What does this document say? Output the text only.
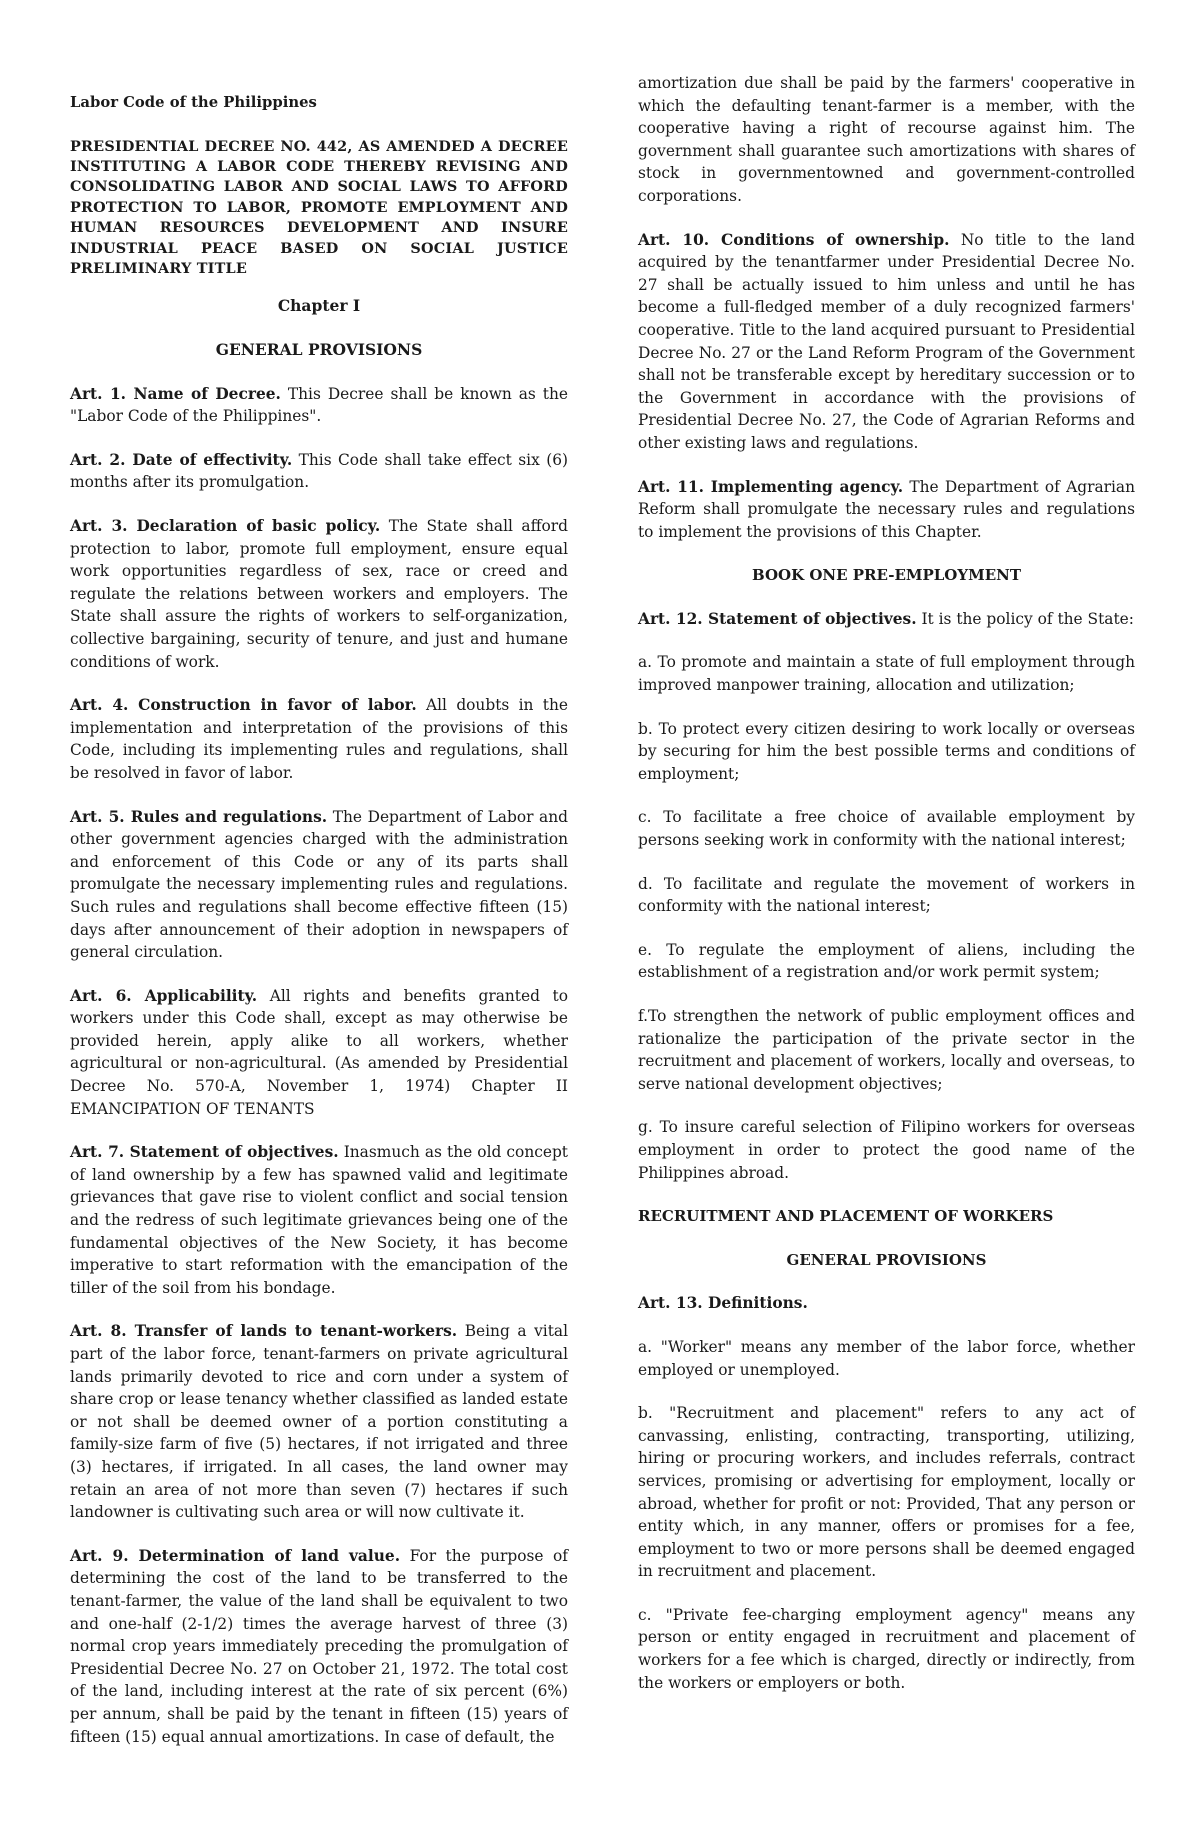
Labor Code of the Philippines
PRESIDENTIAL DECREE NO. 442, AS AMENDED A DECREE INSTITUTING A LABOR CODE THEREBY REVISING AND CONSOLIDATING LABOR AND SOCIAL LAWS TO AFFORD PROTECTION TO LABOR, PROMOTE EMPLOYMENT AND HUMAN RESOURCES DEVELOPMENT AND INSURE INDUSTRIAL PEACE BASED ON SOCIAL JUSTICE PRELIMINARY TITLE
Chapter I
GENERAL PROVISIONS

Art. 1. Name of Decree. This Decree shall be known as the "Labor Code of the Philippines".

Art. 2. Date of effectivity. This Code shall take effect six (6) months after its promulgation.

Art. 3. Declaration of basic policy. The State shall afford protection to labor, promote full employment, ensure equal work opportunities regardless of sex, race or creed and regulate the relations between workers and employers. The State shall assure the rights of workers to self-organization, collective bargaining, security of tenure, and just and humane conditions of work.

Art. 4. Construction in favor of labor. All doubts in the implementation and interpretation of the provisions of this Code, including its implementing rules and regulations, shall be resolved in favor of labor.

Art. 5. Rules and regulations. The Department of Labor and other government agencies charged with the administration and enforcement of this Code or any of its parts shall promulgate the necessary implementing rules and regulations. Such rules and regulations shall become effective fifteen (15) days after announcement of their adoption in newspapers of general circulation.

Art. 6. Applicability. All rights and benefits granted to workers under this Code shall, except as may otherwise be provided herein, apply alike to all workers, whether agricultural or non-agricultural. (As amended by Presidential Decree No. 570-A, November 1, 1974) Chapter II EMANCIPATION OF TENANTS

Art. 7. Statement of objectives. Inasmuch as the old concept of land ownership by a few has spawned valid and legitimate grievances that gave rise to violent conflict and social tension and the redress of such legitimate grievances being one of the fundamental objectives of the New Society, it has become imperative to start reformation with the emancipation of the tiller of the soil from his bondage.

Art. 8. Transfer of lands to tenant-workers. Being a vital part of the labor force, tenant-farmers on private agricultural lands primarily devoted to rice and corn under a system of share crop or lease tenancy whether classified as landed estate or not shall be deemed owner of a portion constituting a family-size farm of five (5) hectares, if not irrigated and three (3) hectares, if irrigated. In all cases, the land owner may retain an area of not more than seven (7) hectares if such landowner is cultivating such area or will now cultivate it.

Art. 9. Determination of land value. For the purpose of determining the cost of the land to be transferred to the tenant-farmer, the value of the land shall be equivalent to two and one-half (2-1/2) times the average harvest of three (3) normal crop years immediately preceding the promulgation of Presidential Decree No. 27 on October 21, 1972. The total cost of the land, including interest at the rate of six percent (6%) per annum, shall be paid by the tenant in fifteen (15) years of fifteen (15) equal annual amortizations. In case of default, the

amortization due shall be paid by the farmers' cooperative in which the defaulting tenant-farmer is a member, with the cooperative having a right of recourse against him. The government shall guarantee such amortizations with shares of stock in governmentowned and government-controlled corporations.

Art. 10. Conditions of ownership. No title to the land acquired by the tenantfarmer under Presidential Decree No. 27 shall be actually issued to him unless and until he has become a full-fledged member of a duly recognized farmers' cooperative. Title to the land acquired pursuant to Presidential Decree No. 27 or the Land Reform Program of the Government shall not be transferable except by hereditary succession or to the Government in accordance with the provisions of Presidential Decree No. 27, the Code of Agrarian Reforms and other existing laws and regulations.

Art. 11. Implementing agency. The Department of Agrarian Reform shall promulgate the necessary rules and regulations to implement the provisions of this Chapter.

BOOK ONE PRE-EMPLOYMENT

Art. 12. Statement of objectives. It is the policy of the State:

a. To promote and maintain a state of full employment through improved manpower training, allocation and utilization;

b. To protect every citizen desiring to work locally or overseas by securing for him the best possible terms and conditions of employment;

c. To facilitate a free choice of available employment by persons seeking work in conformity with the national interest;

d. To facilitate and regulate the movement of workers in conformity with the national interest;

e. To regulate the employment of aliens, including the establishment of a registration and/or work permit system;

f.To strengthen the network of public employment offices and rationalize the participation of the private sector in the recruitment and placement of workers, locally and overseas, to serve national development objectives;

g. To insure careful selection of Filipino workers for overseas employment in order to protect the good name of the Philippines abroad.

RECRUITMENT AND PLACEMENT OF WORKERS
GENERAL PROVISIONS

Art. 13. Definitions.

a. "Worker" means any member of the labor force, whether employed or unemployed.

b. "Recruitment and placement" refers to any act of canvassing, enlisting, contracting, transporting, utilizing, hiring or procuring workers, and includes referrals, contract services, promising or advertising for employment, locally or abroad, whether for profit or not: Provided, That any person or entity which, in any manner, offers or promises for a fee, employment to two or more persons shall be deemed engaged in recruitment and placement.

c. "Private fee-charging employment agency" means any person or entity engaged in recruitment and placement of workers for a fee which is charged, directly or indirectly, from the workers or employers or both.
